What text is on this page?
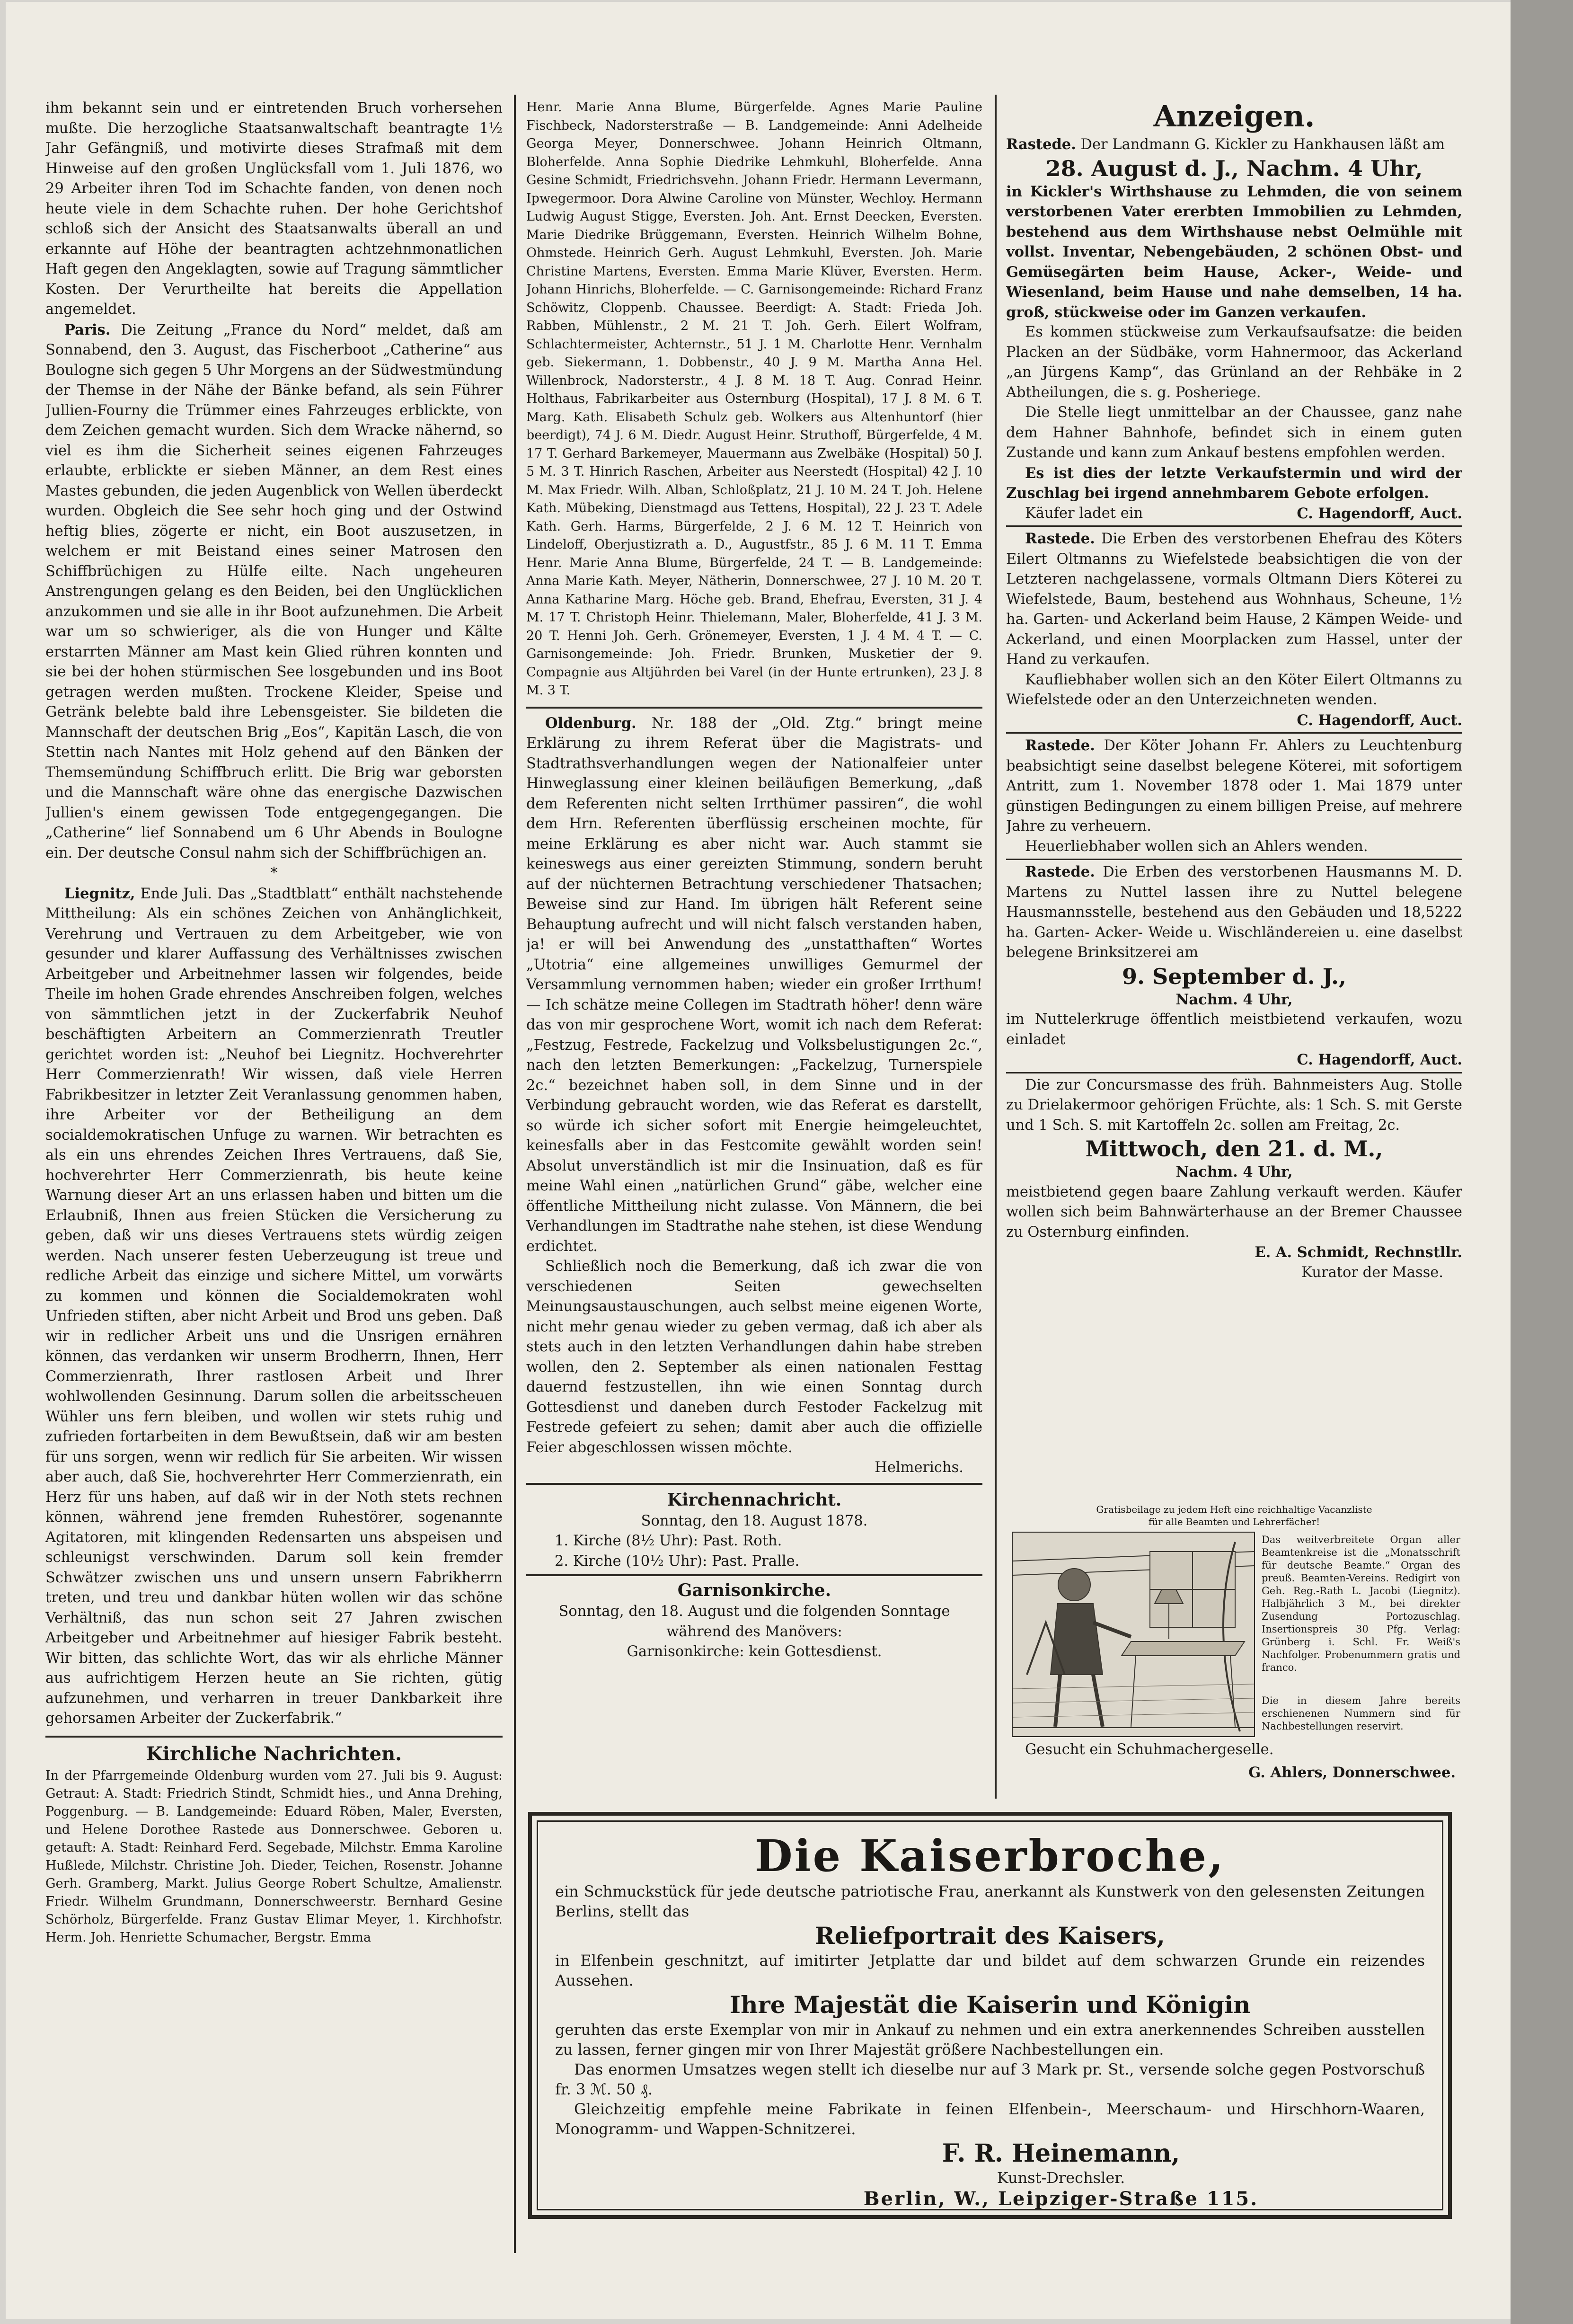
ihm bekannt sein und er eintretenden Bruch vorhersehen mußte. Die herzogliche Staatsanwaltschaft beantragte 1½ Jahr Gefängniß, und motivirte dieses Strafmaß mit dem Hinweise auf den großen Unglücksfall vom 1. Juli 1876, wo 29 Arbeiter ihren Tod im Schachte fanden, von denen noch heute viele in dem Schachte ruhen. Der hohe Gerichtshof schloß sich der Ansicht des Staatsanwalts überall an und erkannte auf Höhe der beantragten achtzehnmonatlichen Haft gegen den Angeklagten, sowie auf Tragung sämmtlicher Kosten. Der Verurtheilte hat bereits die Appellation angemeldet.

Paris. Die Zeitung „France du Nord“ meldet, daß am Sonnabend, den 3. August, das Fischerboot „Catherine“ aus Boulogne sich gegen 5 Uhr Morgens an der Südwestmündung der Themse in der Nähe der Bänke befand, als sein Führer Jullien-Fourny die Trümmer eines Fahrzeuges erblickte, von dem Zeichen gemacht wurden. Sich dem Wracke nähernd, so viel es ihm die Sicherheit seines eigenen Fahrzeuges erlaubte, erblickte er sieben Männer, an dem Rest eines Mastes gebunden, die jeden Augenblick von Wellen überdeckt wurden. Obgleich die See sehr hoch ging und der Ostwind heftig blies, zögerte er nicht, ein Boot auszusetzen, in welchem er mit Beistand eines seiner Matrosen den Schiffbrüchigen zu Hülfe eilte. Nach ungeheuren Anstrengungen gelang es den Beiden, bei den Unglücklichen anzukommen und sie alle in ihr Boot aufzunehmen. Die Arbeit war um so schwieriger, als die von Hunger und Kälte erstarrten Männer am Mast kein Glied rühren konnten und sie bei der hohen stürmischen See losgebunden und ins Boot getragen werden mußten. Trockene Kleider, Speise und Getränk belebte bald ihre Lebensgeister. Sie bildeten die Mannschaft der deutschen Brig „Eos“, Kapitän Lasch, die von Stettin nach Nantes mit Holz gehend auf den Bänken der Themsemündung Schiffbruch erlitt. Die Brig war geborsten und die Mannschaft wäre ohne das energische Dazwischen Jullien's einem gewissen Tode entgegengegangen. Die „Catherine“ lief Sonnabend um 6 Uhr Abends in Boulogne ein. Der deutsche Consul nahm sich der Schiffbrüchigen an.

*

Liegnitz, Ende Juli. Das „Stadtblatt“ enthält nachstehende Mittheilung: Als ein schönes Zeichen von Anhänglichkeit, Verehrung und Vertrauen zu dem Arbeitgeber, wie von gesunder und klarer Auffassung des Verhältnisses zwischen Arbeitgeber und Arbeitnehmer lassen wir folgendes, beide Theile im hohen Grade ehrendes Anschreiben folgen, welches von sämmtlichen jetzt in der Zuckerfabrik Neuhof beschäftigten Arbeitern an Commerzienrath Treutler gerichtet worden ist: „Neuhof bei Liegnitz. Hochverehrter Herr Commerzienrath! Wir wissen, daß viele Herren Fabrikbesitzer in letzter Zeit Veranlassung genommen haben, ihre Arbeiter vor der Betheiligung an dem socialdemokratischen Unfuge zu warnen. Wir betrachten es als ein uns ehrendes Zeichen Ihres Vertrauens, daß Sie, hochverehrter Herr Commerzienrath, bis heute keine Warnung dieser Art an uns erlassen haben und bitten um die Erlaubniß, Ihnen aus freien Stücken die Versicherung zu geben, daß wir uns dieses Vertrauens stets würdig zeigen werden. Nach unserer festen Ueberzeugung ist treue und redliche Arbeit das einzige und sichere Mittel, um vorwärts zu kommen und können die Socialdemokraten wohl Unfrieden stiften, aber nicht Arbeit und Brod uns geben. Daß wir in redlicher Arbeit uns und die Unsrigen ernähren können, das verdanken wir unserm Brodherrn, Ihnen, Herr Commerzienrath, Ihrer rastlosen Arbeit und Ihrer wohlwollenden Gesinnung. Darum sollen die arbeitsscheuen Wühler uns fern bleiben, und wollen wir stets ruhig und zufrieden fortarbeiten in dem Bewußtsein, daß wir am besten für uns sorgen, wenn wir redlich für Sie arbeiten. Wir wissen aber auch, daß Sie, hochverehrter Herr Commerzienrath, ein Herz für uns haben, auf daß wir in der Noth stets rechnen können, während jene fremden Ruhestörer, sogenannte Agitatoren, mit klingenden Redensarten uns abspeisen und schleunigst verschwinden. Darum soll kein fremder Schwätzer zwischen uns und unsern unsern Fabrikherrn treten, und treu und dankbar hüten wollen wir das schöne Verhältniß, das nun schon seit 27 Jahren zwischen Arbeitgeber und Arbeitnehmer auf hiesiger Fabrik besteht. Wir bitten, das schlichte Wort, das wir als ehrliche Männer aus aufrichtigem Herzen heute an Sie richten, gütig aufzunehmen, und verharren in treuer Dankbarkeit ihre gehorsamen Arbeiter der Zuckerfabrik.“

Kirchliche Nachrichten.

In der Pfarrgemeinde Oldenburg wurden vom 27. Juli bis 9. August: Getraut: A. Stadt: Friedrich Stindt, Schmidt hies., und Anna Drehing, Poggenburg. — B. Landgemeinde: Eduard Röben, Maler, Eversten, und Helene Dorothee Rastede aus Donnerschwee. Geboren u. getauft: A. Stadt: Reinhard Ferd. Segebade, Milchstr. Emma Karoline Hußlede, Milchstr. Christine Joh. Dieder, Teichen, Rosenstr. Johanne Gerh. Gramberg, Markt. Julius George Robert Schultze, Amalienstr. Friedr. Wilhelm Grundmann, Donnerschweerstr. Bernhard Gesine Schörholz, Bürgerfelde. Franz Gustav Elimar Meyer, 1. Kirchhofstr. Herm. Joh. Henriette Schumacher, Bergstr. Emma

Henr. Marie Anna Blume, Bürgerfelde. Agnes Marie Pauline Fischbeck, Nadorsterstraße — B. Landgemeinde: Anni Adelheide Georga Meyer, Donnerschwee. Johann Heinrich Oltmann, Bloherfelde. Anna Sophie Diedrike Lehmkuhl, Bloherfelde. Anna Gesine Schmidt, Friedrichsvehn. Johann Friedr. Hermann Levermann, Ipwegermoor. Dora Alwine Caroline von Münster, Wechloy. Hermann Ludwig August Stigge, Eversten. Joh. Ant. Ernst Deecken, Eversten. Marie Diedrike Brüggemann, Eversten. Heinrich Wilhelm Bohne, Ohmstede. Heinrich Gerh. August Lehmkuhl, Eversten. Joh. Marie Christine Martens, Eversten. Emma Marie Klüver, Eversten. Herm. Johann Hinrichs, Bloherfelde. — C. Garnisongemeinde: Richard Franz Schöwitz, Cloppenb. Chaussee. Beerdigt: A. Stadt: Frieda Joh. Rabben, Mühlenstr., 2 M. 21 T. Joh. Gerh. Eilert Wolfram, Schlachtermeister, Achternstr., 51 J. 1 M. Charlotte Henr. Vernhalm geb. Siekermann, 1. Dobbenstr., 40 J. 9 M. Martha Anna Hel. Willenbrock, Nadorsterstr., 4 J. 8 M. 18 T. Aug. Conrad Heinr. Holthaus, Fabrikarbeiter aus Osternburg (Hospital), 17 J. 8 M. 6 T. Marg. Kath. Elisabeth Schulz geb. Wolkers aus Altenhuntorf (hier beerdigt), 74 J. 6 M. Diedr. August Heinr. Struthoff, Bürgerfelde, 4 M. 17 T. Gerhard Barkemeyer, Mauermann aus Zwelbäke (Hospital) 50 J. 5 M. 3 T. Hinrich Raschen, Arbeiter aus Neerstedt (Hospital) 42 J. 10 M. Max Friedr. Wilh. Alban, Schloßplatz, 21 J. 10 M. 24 T. Joh. Helene Kath. Mübeking, Dienstmagd aus Tettens, Hospital), 22 J. 23 T. Adele Kath. Gerh. Harms, Bürgerfelde, 2 J. 6 M. 12 T. Heinrich von Lindeloff, Oberjustizrath a. D., Augustfstr., 85 J. 6 M. 11 T. Emma Henr. Marie Anna Blume, Bürgerfelde, 24 T. — B. Landgemeinde: Anna Marie Kath. Meyer, Nätherin, Donnerschwee, 27 J. 10 M. 20 T. Anna Katharine Marg. Höche geb. Brand, Ehefrau, Eversten, 31 J. 4 M. 17 T. Christoph Heinr. Thielemann, Maler, Bloherfelde, 41 J. 3 M. 20 T. Henni Joh. Gerh. Grönemeyer, Eversten, 1 J. 4 M. 4 T. — C. Garnisongemeinde: Joh. Friedr. Brunken, Musketier der 9. Compagnie aus Altjührden bei Varel (in der Hunte ertrunken), 23 J. 8 M. 3 T.

Oldenburg. Nr. 188 der „Old. Ztg.“ bringt meine Erklärung zu ihrem Referat über die Magistrats- und Stadtrathsverhandlungen wegen der Nationalfeier unter Hinweglassung einer kleinen beiläufigen Bemerkung, „daß dem Referenten nicht selten Irrthümer passiren“, die wohl dem Hrn. Referenten überflüssig erscheinen mochte, für meine Erklärung es aber nicht war. Auch stammt sie keineswegs aus einer gereizten Stimmung, sondern beruht auf der nüchternen Betrachtung verschiedener Thatsachen; Beweise sind zur Hand. Im übrigen hält Referent seine Behauptung aufrecht und will nicht falsch verstanden haben, ja! er will bei Anwendung des „unstatthaften“ Wortes „Utotria“ eine allgemeines unwilliges Gemurmel der Versammlung vernommen haben; wieder ein großer Irrthum! — Ich schätze meine Collegen im Stadtrath höher! denn wäre das von mir gesprochene Wort, womit ich nach dem Referat: „Festzug, Festrede, Fackelzug und Volksbelustigungen 2c.“, nach den letzten Bemerkungen: „Fackelzug, Turnerspiele 2c.“ bezeichnet haben soll, in dem Sinne und in der Verbindung gebraucht worden, wie das Referat es darstellt, so würde ich sicher sofort mit Energie heimgeleuchtet, keinesfalls aber in das Festcomite gewählt worden sein! Absolut unverständlich ist mir die Insinuation, daß es für meine Wahl einen „natürlichen Grund“ gäbe, welcher eine öffentliche Mittheilung nicht zulasse. Von Männern, die bei Verhandlungen im Stadtrathe nahe stehen, ist diese Wendung erdichtet.

Schließlich noch die Bemerkung, daß ich zwar die von verschiedenen Seiten gewechselten Meinungsaustauschungen, auch selbst meine eigenen Worte, nicht mehr genau wieder zu geben vermag, daß ich aber als stets auch in den letzten Verhandlungen dahin habe streben wollen, den 2. September als einen nationalen Festtag dauernd festzustellen, ihn wie einen Sonntag durch Gottesdienst und daneben durch Festoder Fackelzug mit Festrede gefeiert zu sehen; damit aber auch die offizielle Feier abgeschlossen wissen möchte.

Helmerichs.

Kirchennachricht.

Sonntag, den 18. August 1878.

1. Kirche (8½ Uhr): Past. Roth.

2. Kirche (10½ Uhr): Past. Pralle.

Garnisonkirche.

Sonntag, den 18. August und die folgenden Sonntage

während des Manövers:

Garnisonkirche: kein Gottesdienst.

Anzeigen.

Rastede. Der Landmann G. Kickler zu Hankhausen läßt am

28. August d. J., Nachm. 4 Uhr,

in Kickler's Wirthshause zu Lehmden, die von seinem verstorbenen Vater ererbten Immobilien zu Lehmden, bestehend aus dem Wirthshause nebst Oelmühle mit vollst. Inventar, Nebengebäuden, 2 schönen Obst- und Gemüsegärten beim Hause, Acker-, Weide- und Wiesenland, beim Hause und nahe demselben, 14 ha. groß, stückweise oder im Ganzen verkaufen.

Es kommen stückweise zum Verkaufsaufsatze: die beiden Placken an der Südbäke, vorm Hahnermoor, das Ackerland „an Jürgens Kamp“, das Grünland an der Rehbäke in 2 Abtheilungen, die s. g. Posheriege.

Die Stelle liegt unmittelbar an der Chaussee, ganz nahe dem Hahner Bahnhofe, befindet sich in einem guten Zustande und kann zum Ankauf bestens empfohlen werden.

Es ist dies der letzte Verkaufstermin und wird der Zuschlag bei irgend annehmbarem Gebote erfolgen.

Käufer ladet ein	C. Hagendorff, Auct.

Rastede. Die Erben des verstorbenen Ehefrau des Köters Eilert Oltmanns zu Wiefelstede beabsichtigen die von der Letzteren nachgelassene, vormals Oltmann Diers Köterei zu Wiefelstede, Baum, bestehend aus Wohnhaus, Scheune, 1½ ha. Garten- und Ackerland beim Hause, 2 Kämpen Weide- und Ackerland, und einen Moorplacken zum Hassel, unter der Hand zu verkaufen.

Kaufliebhaber wollen sich an den Köter Eilert Oltmanns zu Wiefelstede oder an den Unterzeichneten wenden.

C. Hagendorff, Auct.

Rastede. Der Köter Johann Fr. Ahlers zu Leuchtenburg beabsichtigt seine daselbst belegene Köterei, mit sofortigem Antritt, zum 1. November 1878 oder 1. Mai 1879 unter günstigen Bedingungen zu einem billigen Preise, auf mehrere Jahre zu verheuern.

Heuerliebhaber wollen sich an Ahlers wenden.

Rastede. Die Erben des verstorbenen Hausmanns M. D. Martens zu Nuttel lassen ihre zu Nuttel belegene Hausmannsstelle, bestehend aus den Gebäuden und 18,5222 ha. Garten- Acker- Weide u. Wischländereien u. eine daselbst belegene Brinksitzerei am

9. September d. J.,

Nachm. 4 Uhr,

im Nuttelerkruge öffentlich meistbietend verkaufen, wozu einladet

C. Hagendorff, Auct.

Die zur Concursmasse des früh. Bahnmeisters Aug. Stolle zu Drielakermoor gehörigen Früchte, als: 1 Sch. S. mit Gerste und 1 Sch. S. mit Kartoffeln 2c. sollen am Freitag, 2c.

Mittwoch, den 21. d. M.,

Nachm. 4 Uhr,

meistbietend gegen baare Zahlung verkauft werden. Käufer wollen sich beim Bahnwärterhause an der Bremer Chaussee zu Osternburg einfinden.

E. A. Schmidt, Rechnstllr.

Kurator der Masse.

Gratisbeilage zu jedem Heft eine reichhaltige Vacanzliste

für alle Beamten und Lehrerfächer!

Das weitverbreitete Organ aller Beamtenkreise ist die „Monatsschrift für deutsche Beamte.“ Organ des preuß. Beamten-Vereins. Redigirt von Geh. Reg.-Rath L. Jacobi (Liegnitz). Halbjährlich 3 M., bei direkter Zusendung Portozuschlag. Insertionspreis 30 Pfg. Verlag: Grünberg i. Schl. Fr. Weiß's Nachfolger. Probenummern gratis und franco.

Die in diesem Jahre bereits erschienenen Nummern sind für Nachbestellungen reservirt.

Gesucht ein Schuhmachergeselle.

G. Ahlers, Donnerschwee.

Die Kaiserbroche,

ein Schmuckstück für jede deutsche patriotische Frau, anerkannt als Kunstwerk von den gelesensten Zeitungen Berlins, stellt das

Reliefportrait des Kaisers,

in Elfenbein geschnitzt, auf imitirter Jetplatte dar und bildet auf dem schwarzen Grunde ein reizendes Aussehen.

Ihre Majestät die Kaiserin und Königin

geruhten das erste Exemplar von mir in Ankauf zu nehmen und ein extra anerkennendes Schreiben ausstellen zu lassen, ferner gingen mir von Ihrer Majestät größere Nachbestellungen ein.

Das enormen Umsatzes wegen stellt ich dieselbe nur auf 3 Mark pr. St., versende solche gegen Postvorschuß fr. 3 ℳ. 50 ₰.

Gleichzeitig empfehle meine Fabrikate in feinen Elfenbein-, Meerschaum- und Hirschhorn-Waaren, Monogramm- und Wappen-Schnitzerei.

F. R. Heinemann,

Kunst-Drechsler.

Berlin, W., Leipziger-Straße 115.
